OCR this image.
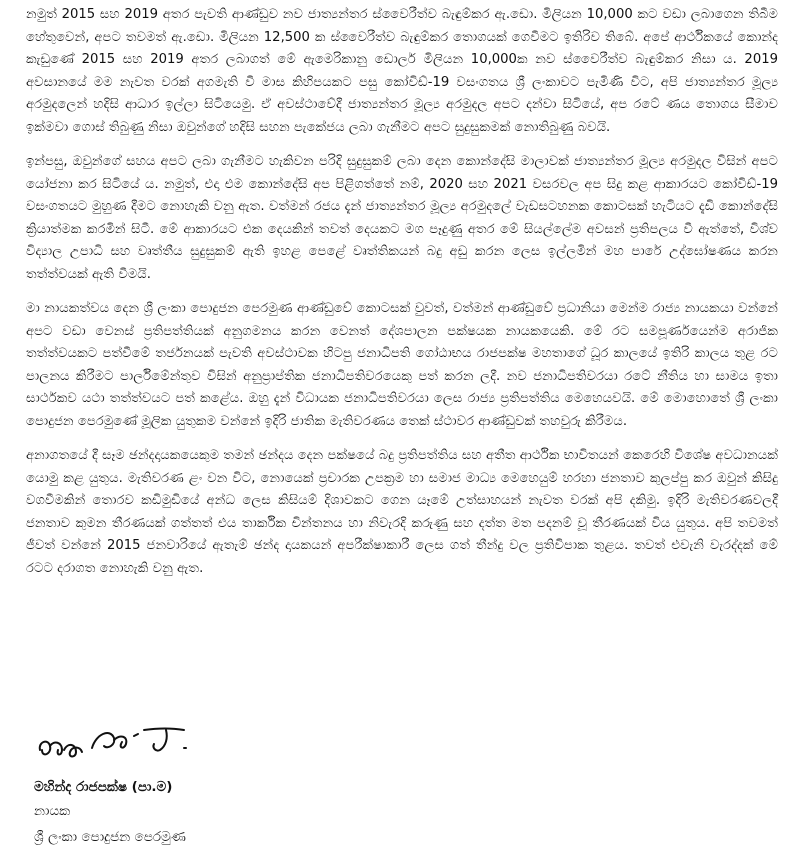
නමුත් 2015 සහ 2019 අතර පැවති ආණ්ඩුව නව ජාත්‍යන්තර ස්වෛරීත්ව බැඳුම්කර ඇ.ඩො. මිලියන 10,000 කට වඩා ලබාගෙන තිබීම හේතුවෙන්, අපට තවමත් ඇ.ඩො. මිලියන 12,500 ක ස්වෛරීත්ව බැඳුම්කර තොගයක් ගෙවීමට ඉතිරිව තිබේ. අපේ ආර්ථිකයේ කොන්ද කැඩුණේ 2015 සහ 2019 අතර ලබාගත් මේ ඇමෙරිකානු ඩොලර් මිලියන 10,000ක නව ස්වෛරීත්ව බැඳුම්කර නිසා ය. 2019 අවසානයේ මම නැවත වරක් අගමැති වී මාස කිහිපයකට පසු කෝවිඩ්-19 වසංගතය ශ්‍රී ලංකාවට පැමිණි විට, අපි ජාත්‍යන්තර මූල්‍ය අරමුදලෙන් හදිසි ආධාර ඉල්ලා සිටියෙමු. ඒ අවස්ථාවේදී ජාත්‍යන්තර මූල්‍ය අරමුදල අපට දන්වා සිටියේ, අප රටේ ණය තොගය සීමාව ඉක්මවා ගොස් තිබුණු නිසා ඔවුන්ගේ හදිසි සහන පැකේජය ලබා ගැනීමට අපට සුදුසුකමක් නොතිබුණු බවයි.

ඉන්පසු, ඔවුන්ගේ සහය අපට ලබා ගැනීමට හැකිවන පරිදි සුදුසුකම් ලබා දෙන කොන්දේසි මාලාවක් ජාත්‍යන්තර මූල්‍ය අරමුදල විසින් අපට යෝජනා කර සිටියේ ය. නමුත්, එදා එම කොන්දේසි අප පිළිගත්තේ නම්, 2020 සහ 2021 වසරවල අප සිදු කළ ආකාරයට කෝවිඩ්-19 වසංගතයට මුහුණ දීමට නොහැකි වනු ඇත. වත්මන් රජය දැන් ජාත්‍යන්තර මූල්‍ය අරමුදලේ වැඩසටහනක කොටසක් හැටියට දැඩි කොන්දේසි ක්‍රියාත්මක කරමින් සිටී. මේ ආකාරයට එක දෙයකින් තවත් දෙයකට මග පෑදුණු අතර මේ සියල්ලේම අවසන් ප්‍රතිපලය වී ඇත්තේ, විශ්ව විද්‍යාල උපාධි සහ වෘත්තීය සුදුසුකම් ඇති ඉහළ පෙළේ වෘත්තිකයන් බදු අඩු කරන ලෙස ඉල්ලමින් මහ පාරේ උද්ඝෝෂණය කරන තත්ත්වයක් ඇති වීමයි.

මා නායකත්වය දෙන ශ්‍රී ලංකා පොදුජන පෙරමුණ ආණ්ඩුවේ කොටසක් වුවත්, වත්මන් ආණ්ඩුවේ ප්‍රධානියා මෙන්ම රාජ්‍ය නායකයා වන්නේ අපට වඩා වෙනස් ප්‍රතිපත්තියක් අනුගමනය කරන වෙනත් දේශපාලන පක්ෂයක නායකයෙකි. මේ රට සමපූර්ණයෙන්ම අරාජික තත්ත්වයකට පත්වීමේ තර්ජනයක් පැවති අවස්ථාවක හිටපු ජනාධිපති ගෝඨාභය රාජපක්ෂ මහතාගේ ධූර කාලයේ ඉතිරි කාලය තුළ රට පාලනය කිරීමට පාර්ලිමේන්තුව විසින් අනුප්‍රාප්තික ජනාධිපතිවරයෙකු පත් කරන ලදී. නව ජනාධිපතිවරයා රටේ නීතිය හා සාමය ඉතා සාර්ථකව යථා තත්ත්වයට පත් කළේය. ඔහු දැන් විධායක ජනාධිපතිවරයා ලෙස රාජ්‍ය ප්‍රතිපත්තිය මෙහෙයවයි. මේ මොහොතේ ශ්‍රී ලංකා පොදුජන පෙරමුණේ මූලික යුතුකම වන්නේ ඉදිරි ජාතික මැතිවරණය තෙක් ස්ථාවර ආණ්ඩුවක් තහවුරු කිරීමය.

අනාගතයේ දී සෑම ඡන්දදායකයෙකුම තමන් ඡන්දය දෙන පක්ෂයේ බදු ප්‍රතිපත්තිය සහ අතීත ආර්ථික භාවිතයන් කෙරෙහි විශේෂ අවධානයක් යොමු කළ යුතුය. මැතිවරණ ළං වන විට, නොයෙක් ප්‍රචාරක උපක්‍රම හා සමාජ මාධ්‍ය මෙහෙයුම් හරහා ජනතාව කුලප්පු කර ඔවුන් කිසිදු වගවීමකින් තොරව කඩිමුඩියේ අන්ධ ලෙස කිසියම් දිශාවකට ගෙන යෑමේ උත්සාහයන් නැවත වරක් අපි දකිමු. ඉදිරි මැතිවරණවලදී ජනතාව කුමන තීරණයක් ගත්තත් එය තාර්කික චින්තනය හා නිවැරදි කරුණු සහ දත්ත මත පදනම් වූ තීරණයක් විය යුතුය. අපි තවමත් ජීවත් වන්නේ 2015 ජනවාරියේ ඇතැම් ඡන්ද දායකයන් අපරීක්ෂාකාරී ලෙස ගත් තීන්දු වල ප්‍රතිවිපාක තුළය. තවත් එවැනි වැරද්දක් මේ රටට දරාගත නොහැකි වනු ඇත.

මහින්ද රාජපක්ෂ (පා.ම)
නායක
ශ්‍රී ලංකා පොදුජන පෙරමුණ
